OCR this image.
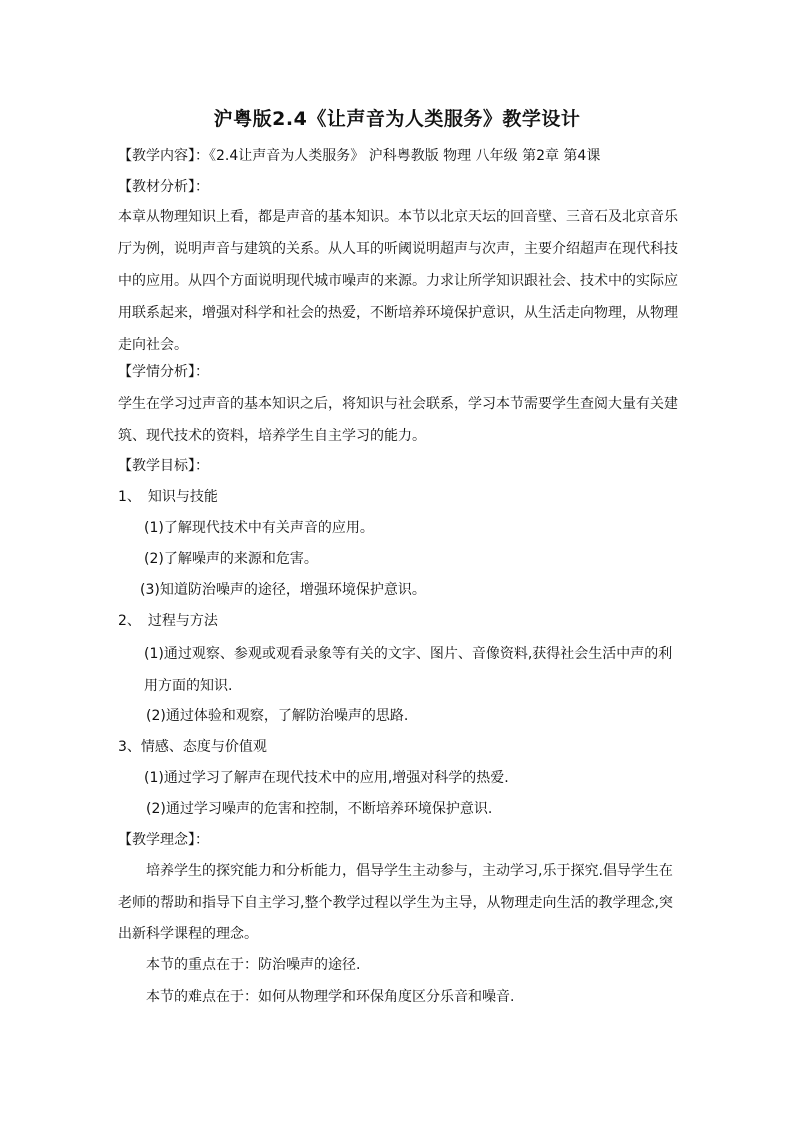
沪粤版2.4《让声音为人类服务》教学设计
【教学内容】：《2.4让声音为人类服务》 沪科粤教版 物理 八年级 第2章 第4课
【教材分析】：
本章从物理知识上看，都是声音的基本知识。本节以北京天坛的回音壁、三音石及北京音乐
厅为例，说明声音与建筑的关系。从人耳的听阈说明超声与次声，主要介绍超声在现代科技
中的应用。从四个方面说明现代城市噪声的来源。力求让所学知识跟社会、技术中的实际应
用联系起来，增强对科学和社会的热爱，不断培养环境保护意识，从生活走向物理，从物理
走向社会。
【学情分析】：
学生在学习过声音的基本知识之后，将知识与社会联系，学习本节需要学生查阅大量有关建
筑、现代技术的资料，培养学生自主学习的能力。
【教学目标】：
1、　知识与技能
(1)了解现代技术中有关声音的应用。
(2)了解噪声的来源和危害。
(3)知道防治噪声的途径，增强环境保护意识。
2、　过程与方法
(1)通过观察、参观或观看录象等有关的文字、图片、音像资料,获得社会生活中声的利
用方面的知识.
(2)通过体验和观察，了解防治噪声的思路.
3、情感、态度与价值观
(1)通过学习了解声在现代技术中的应用,增强对科学的热爱.
(2)通过学习噪声的危害和控制，不断培养环境保护意识.
【教学理念】：
培养学生的探究能力和分析能力，倡导学生主动参与，主动学习,乐于探究.倡导学生在
老师的帮助和指导下自主学习,整个教学过程以学生为主导，从物理走向生活的教学理念,突
出新科学课程的理念。
本节的重点在于：防治噪声的途径.
本节的难点在于：如何从物理学和环保角度区分乐音和噪音.
